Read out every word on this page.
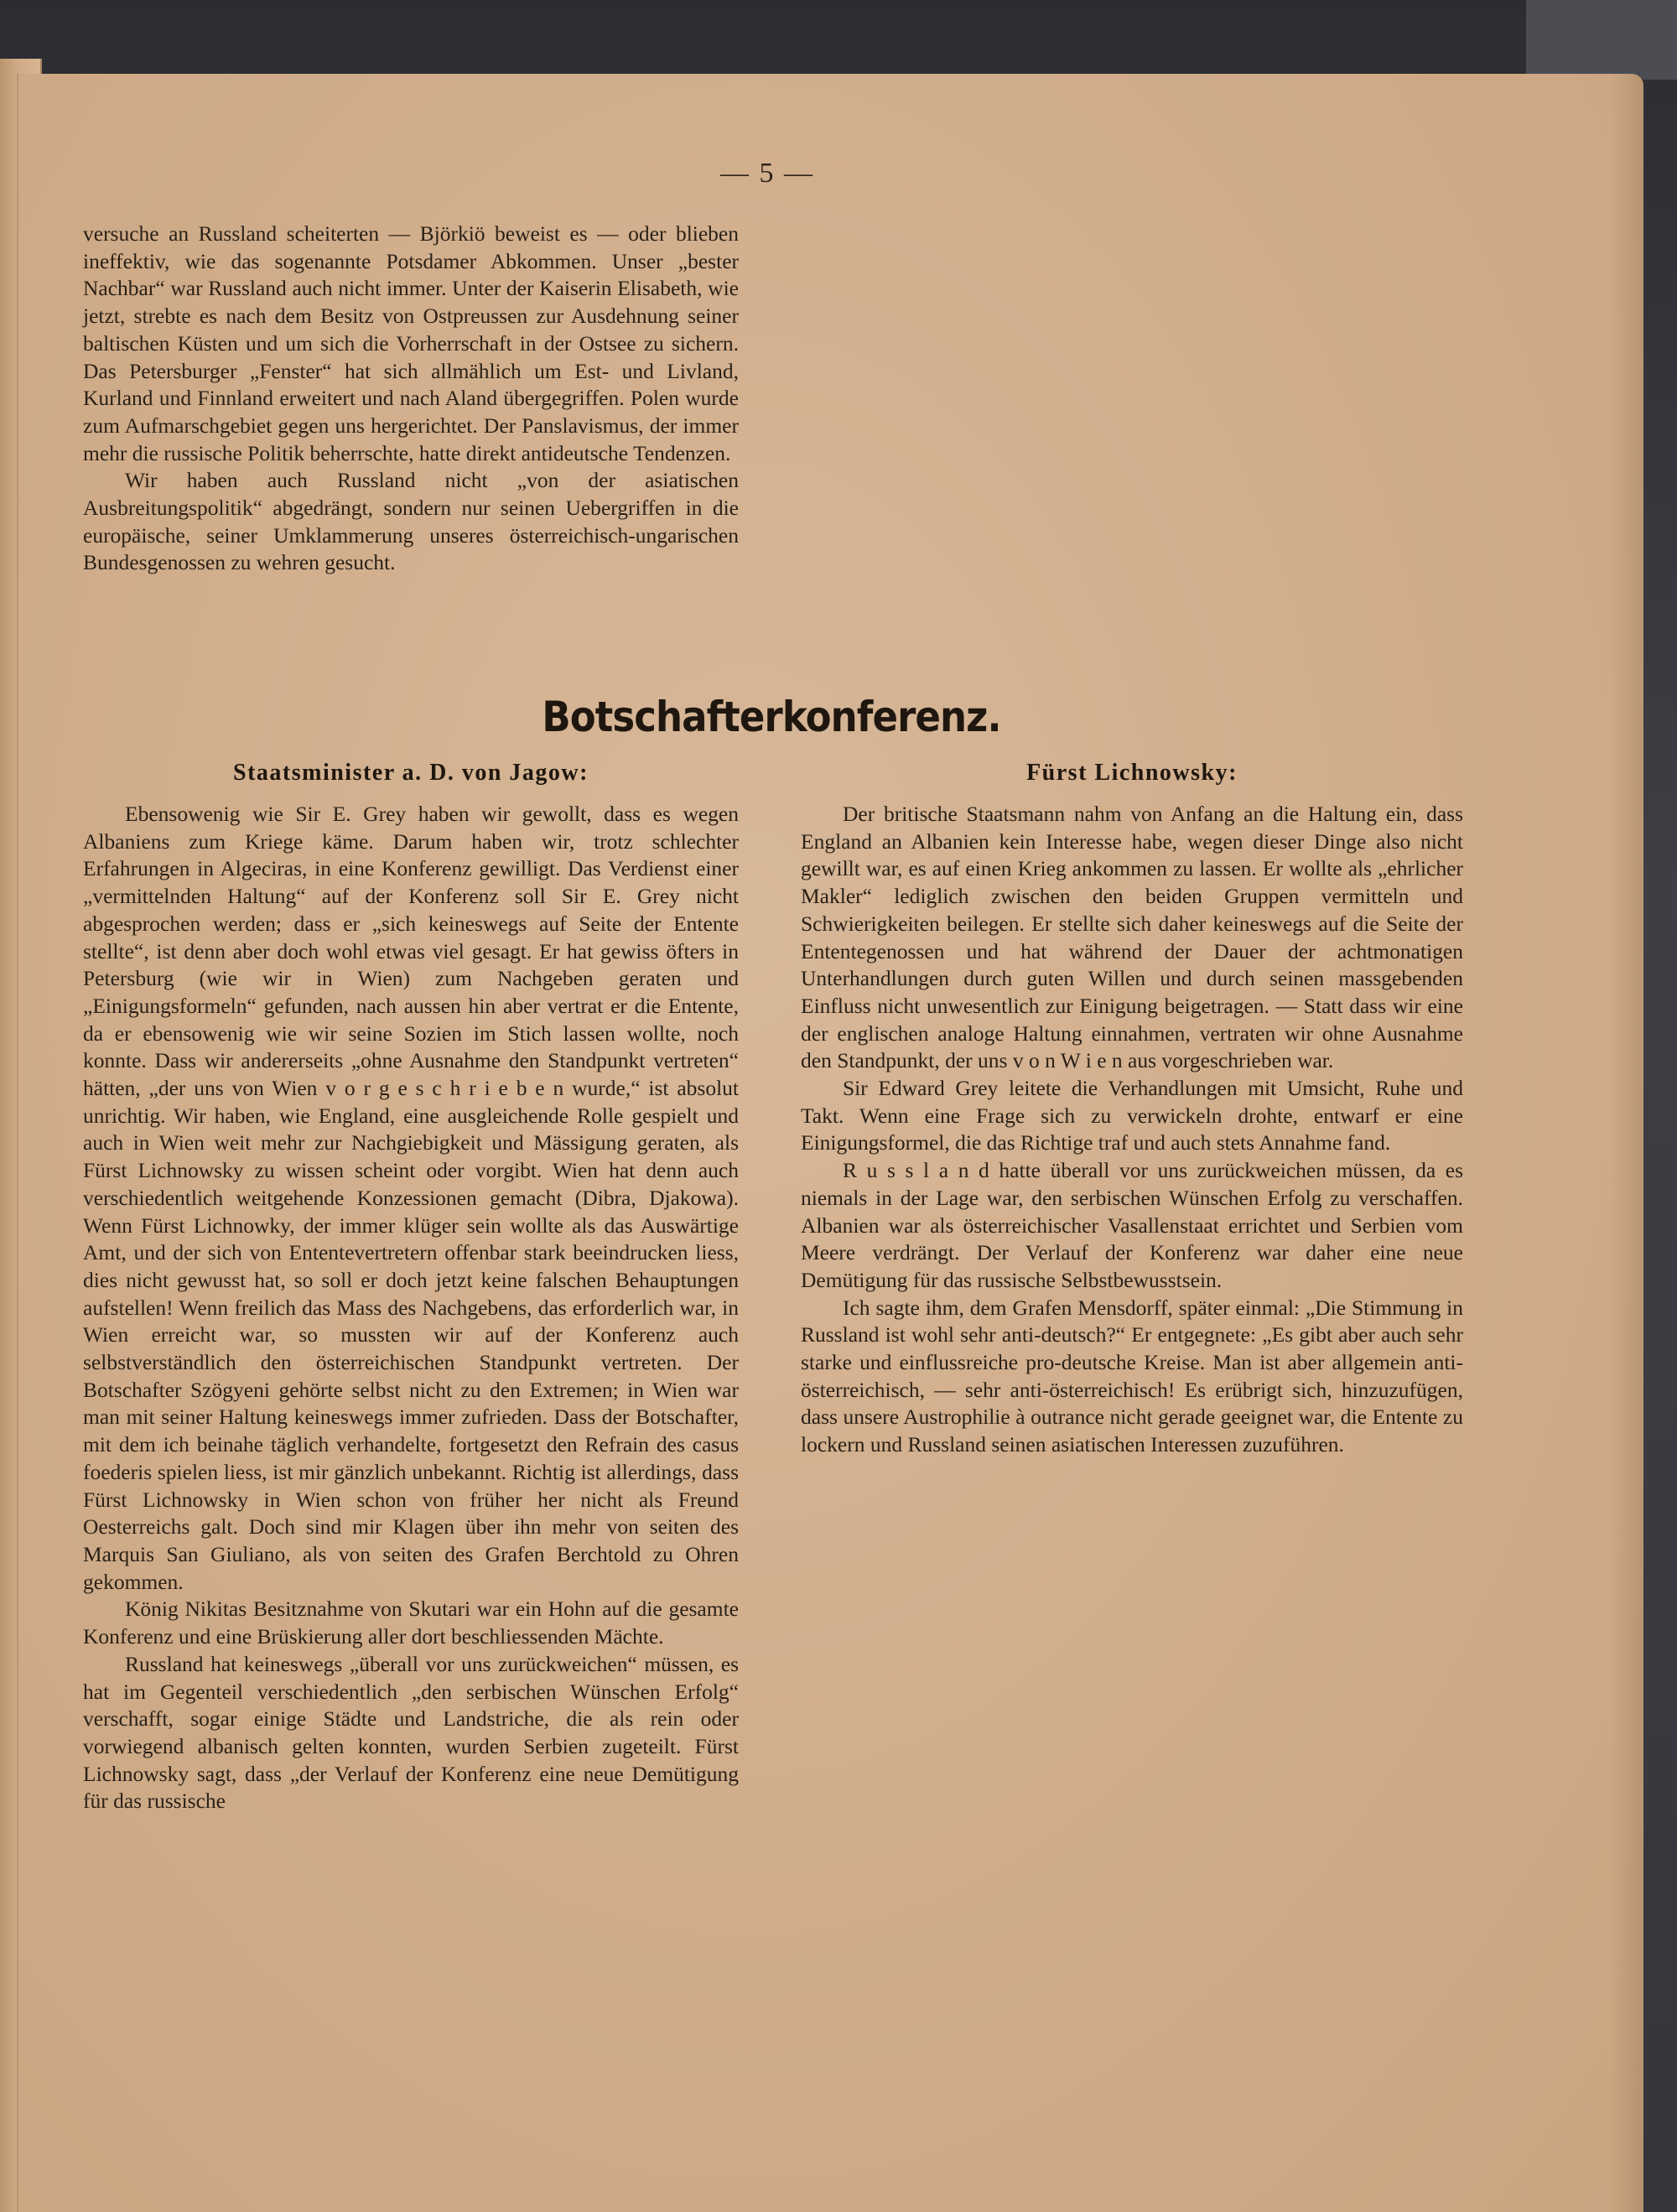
— 5 —

versuche an Russland scheiterten — Björkiö beweist es — oder blieben ineffektiv, wie das sogenannte Potsdamer Abkommen. Unser „bester Nachbar“ war Russland auch nicht immer. Unter der Kaiserin Elisabeth, wie jetzt, strebte es nach dem Besitz von Ostpreussen zur Ausdehnung seiner baltischen Küsten und um sich die Vorherrschaft in der Ostsee zu sichern. Das Petersburger „Fenster“ hat sich allmählich um Est- und Livland, Kurland und Finnland erweitert und nach Aland übergegriffen. Polen wurde zum Aufmarschgebiet gegen uns hergerichtet. Der Panslavismus, der immer mehr die russische Politik beherrschte, hatte direkt antideutsche Tendenzen.

Wir haben auch Russland nicht „von der asiatischen Ausbreitungspolitik“ abgedrängt, sondern nur seinen Uebergriffen in die europäische, seiner Umklammerung unseres österreichisch-ungarischen Bundesgenossen zu wehren gesucht.

Botschafterkonferenz.
Staatsminister a. D. von Jagow:	Fürst Lichnowsky:

Ebensowenig wie Sir E. Grey haben wir gewollt, dass es wegen Albaniens zum Kriege käme. Darum haben wir, trotz schlechter Erfahrungen in Algeciras, in eine Konferenz gewilligt. Das Verdienst einer „vermittelnden Haltung“ auf der Konferenz soll Sir E. Grey nicht abgesprochen werden; dass er „sich keineswegs auf Seite der Entente stellte“, ist denn aber doch wohl etwas viel gesagt. Er hat gewiss öfters in Petersburg (wie wir in Wien) zum Nachgeben geraten und „Einigungsformeln“ gefunden, nach aussen hin aber vertrat er die Entente, da er ebensowenig wie wir seine Sozien im Stich lassen wollte, noch konnte. Dass wir andererseits „ohne Ausnahme den Standpunkt vertreten“ hätten, „der uns von Wien v o r g e s c h r i e b e n wurde,“ ist absolut unrichtig. Wir haben, wie England, eine ausgleichende Rolle gespielt und auch in Wien weit mehr zur Nachgiebigkeit und Mässigung geraten, als Fürst Lichnowsky zu wissen scheint oder vorgibt. Wien hat denn auch verschiedentlich weitgehende Konzessionen gemacht (Dibra, Djakowa). Wenn Fürst Lichnowky, der immer klüger sein wollte als das Auswärtige Amt, und der sich von Ententevertretern offenbar stark beeindrucken liess, dies nicht gewusst hat, so soll er doch jetzt keine falschen Behauptungen aufstellen! Wenn freilich das Mass des Nachgebens, das erforderlich war, in Wien erreicht war, so mussten wir auf der Konferenz auch selbstverständlich den österreichischen Standpunkt vertreten. Der Botschafter Szögyeni gehörte selbst nicht zu den Extremen; in Wien war man mit seiner Haltung keineswegs immer zufrieden. Dass der Botschafter, mit dem ich beinahe täglich verhandelte, fortgesetzt den Refrain des casus foederis spielen liess, ist mir gänzlich unbekannt. Richtig ist allerdings, dass Fürst Lichnowsky in Wien schon von früher her nicht als Freund Oesterreichs galt. Doch sind mir Klagen über ihn mehr von seiten des Marquis San Giuliano, als von seiten des Grafen Berchtold zu Ohren gekommen.

König Nikitas Besitznahme von Skutari war ein Hohn auf die gesamte Konferenz und eine Brüskierung aller dort beschliessenden Mächte.

Russland hat keineswegs „überall vor uns zurückweichen“ müssen, es hat im Gegenteil verschiedentlich „den serbischen Wünschen Erfolg“ verschafft, sogar einige Städte und Landstriche, die als rein oder vorwiegend albanisch gelten konnten, wurden Serbien zugeteilt. Fürst Lichnowsky sagt, dass „der Verlauf der Konferenz eine neue Demütigung für das russische

Der britische Staatsmann nahm von Anfang an die Haltung ein, dass England an Albanien kein Interesse habe, wegen dieser Dinge also nicht gewillt war, es auf einen Krieg ankommen zu lassen. Er wollte als „ehrlicher Makler“ lediglich zwischen den beiden Gruppen vermitteln und Schwierigkeiten beilegen. Er stellte sich daher keineswegs auf die Seite der Ententegenossen und hat während der Dauer der achtmonatigen Unterhandlungen durch guten Willen und durch seinen massgebenden Einfluss nicht unwesentlich zur Einigung beigetragen. — Statt dass wir eine der englischen analoge Haltung einnahmen, vertraten wir ohne Ausnahme den Standpunkt, der uns v o n W i e n aus vorgeschrieben war.

Sir Edward Grey leitete die Verhandlungen mit Umsicht, Ruhe und Takt. Wenn eine Frage sich zu verwickeln drohte, entwarf er eine Einigungsformel, die das Richtige traf und auch stets Annahme fand.

R u s s l a n d hatte überall vor uns zurückweichen müssen, da es niemals in der Lage war, den serbischen Wünschen Erfolg zu verschaffen. Albanien war als österreichischer Vasallenstaat errichtet und Serbien vom Meere verdrängt. Der Verlauf der Konferenz war daher eine neue Demütigung für das russische Selbstbewusstsein.

Ich sagte ihm, dem Grafen Mensdorff, später einmal: „Die Stimmung in Russland ist wohl sehr anti-deutsch?“ Er entgegnete: „Es gibt aber auch sehr starke und einflussreiche pro-deutsche Kreise. Man ist aber allgemein anti-österreichisch, — sehr anti-österreichisch! Es erübrigt sich, hinzuzufügen, dass unsere Austrophilie à outrance nicht gerade geeignet war, die Entente zu lockern und Russland seinen asiatischen Interessen zuzuführen.
